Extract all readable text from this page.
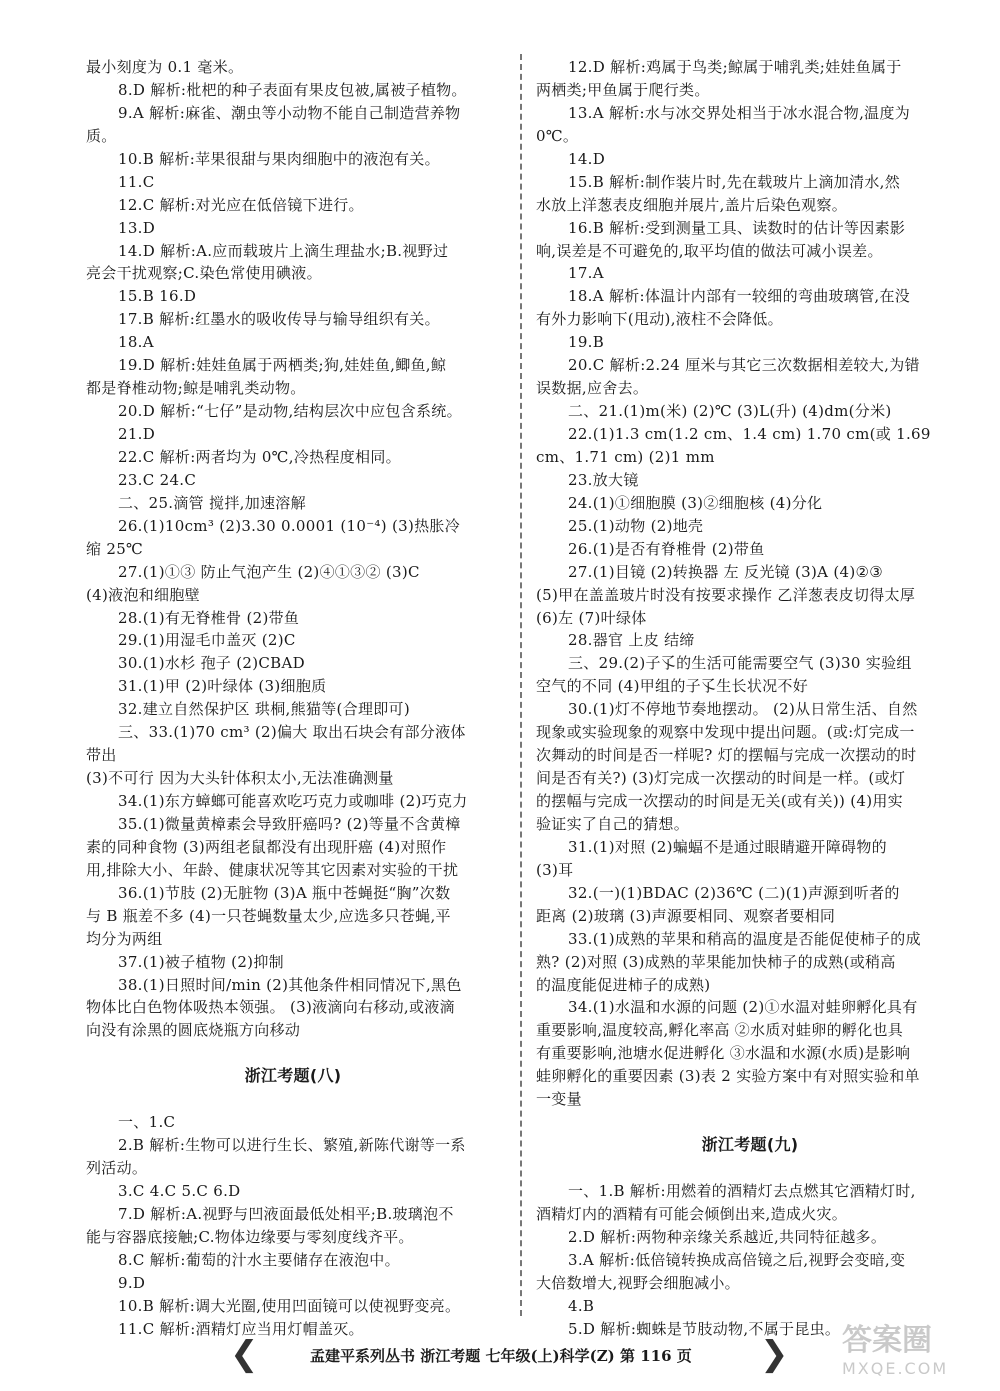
最小刻度为 0.1 毫米。
8.D 解析:枇杷的种子表面有果皮包被,属被子植物。
9.A 解析:麻雀、潮虫等小动物不能自己制造营养物
质。
10.B 解析:苹果很甜与果肉细胞中的液泡有关。
11.C
12.C 解析:对光应在低倍镜下进行。
13.D
14.D 解析:A.应而载玻片上滴生理盐水;B.视野过
亮会干扰观察;C.染色常使用碘液。
15.B 16.D
17.B 解析:红墨水的吸收传导与输导组织有关。
18.A
19.D 解析:娃娃鱼属于两栖类;狗,娃娃鱼,鲫鱼,鲸
都是脊椎动物;鲸是哺乳类动物。
20.D 解析:“七仔”是动物,结构层次中应包含系统。
21.D
22.C 解析:两者均为 0℃,冷热程度相同。
23.C 24.C
二、25.滴管 搅拌,加速溶解
26.(1)10cm³ (2)3.30 0.0001 (10⁻⁴) (3)热胀冷
缩 25℃
27.(1)①③ 防止气泡产生 (2)④①③② (3)C
(4)液泡和细胞壁
28.(1)有无脊椎骨 (2)带鱼
29.(1)用湿毛巾盖灭 (2)C
30.(1)水杉 孢子 (2)CBAD
31.(1)甲 (2)叶绿体 (3)细胞质
32.建立自然保护区 珙桐,熊猫等(合理即可)
三、33.(1)70 cm³ (2)偏大 取出石块会有部分液体
带出
(3)不可行 因为大头针体积太小,无法准确测量
34.(1)东方蟑螂可能喜欢吃巧克力或咖啡 (2)巧克力
35.(1)微量黄樟素会导致肝癌吗? (2)等量不含黄樟
素的同种食物 (3)两组老鼠都没有出现肝癌 (4)对照作
用,排除大小、年龄、健康状况等其它因素对实验的干扰
36.(1)节肢 (2)无脏物 (3)A 瓶中苍蝇挺“胸”次数
与 B 瓶差不多 (4)一只苍蝇数量太少,应选多只苍蝇,平
均分为两组
37.(1)被子植物 (2)抑制
38.(1)日照时间/min (2)其他条件相同情况下,黑色
物体比白色物体吸热本领强。 (3)液滴向右移动,或液滴
向没有涂黑的圆底烧瓶方向移动
浙江考题(八)
一、1.C
2.B 解析:生物可以进行生长、繁殖,新陈代谢等一系
列活动。
3.C 4.C 5.C 6.D
7.D 解析:A.视野与凹液面最低处相平;B.玻璃泡不
能与容器底接触;C.物体边缘要与零刻度线齐平。
8.C 解析:葡萄的汁水主要储存在液泡中。
9.D
10.B 解析:调大光圈,使用凹面镜可以使视野变亮。
11.C 解析:酒精灯应当用灯帽盖灭。
12.D 解析:鸡属于鸟类;鲸属于哺乳类;娃娃鱼属于
两栖类;甲鱼属于爬行类。
13.A 解析:水与冰交界处相当于冰水混合物,温度为
0℃。
14.D
15.B 解析:制作装片时,先在载玻片上滴加清水,然
水放上洋葱表皮细胞并展片,盖片后染色观察。
16.B 解析:受到测量工具、读数时的估计等因素影
响,误差是不可避免的,取平均值的做法可减小误差。
17.A
18.A 解析:体温计内部有一较细的弯曲玻璃管,在没
有外力影响下(甩动),液柱不会降低。
19.B
20.C 解析:2.24 厘米与其它三次数据相差较大,为错
误数据,应舍去。
二、21.(1)m(米) (2)℃ (3)L(升) (4)dm(分米)
22.(1)1.3 cm(1.2 cm、1.4 cm) 1.70 cm(或 1.69
cm、1.71 cm) (2)1 mm
23.放大镜
24.(1)①细胞膜 (3)②细胞核 (4)分化
25.(1)动物 (2)地壳
26.(1)是否有脊椎骨 (2)带鱼
27.(1)目镜 (2)转换器 左 反光镜 (3)A (4)②③
(5)甲在盖盖玻片时没有按要求操作 乙洋葱表皮切得太厚
(6)左 (7)叶绿体
28.器官 上皮 结缔
三、29.(2)子孓的生活可能需要空气 (3)30 实验组
空气的不同 (4)甲组的子孓生长状况不好
30.(1)灯不停地节奏地摆动。 (2)从日常生活、自然
现象或实验现象的观察中发现中提出问题。(或:灯完成一
次舞动的时间是否一样呢? 灯的摆幅与完成一次摆动的时
间是否有关?) (3)灯完成一次摆动的时间是一样。(或灯
的摆幅与完成一次摆动的时间是无关(或有关)) (4)用实
验证实了自己的猜想。
31.(1)对照 (2)蝙蝠不是通过眼睛避开障碍物的
(3)耳
32.(一)(1)BDAC (2)36℃ (二)(1)声源到听者的
距离 (2)玻璃 (3)声源要相同、观察者要相同
33.(1)成熟的苹果和稍高的温度是否能促使柿子的成
熟? (2)对照 (3)成熟的苹果能加快柿子的成熟(或稍高
的温度能促进柿子的成熟)
34.(1)水温和水源的问题 (2)①水温对蛙卵孵化具有
重要影响,温度较高,孵化率高 ②水质对蛙卵的孵化也具
有重要影响,池塘水促进孵化 ③水温和水源(水质)是影响
蛙卵孵化的重要因素 (3)表 2 实验方案中有对照实验和单
一变量
浙江考题(九)
一、1.B 解析:用燃着的酒精灯去点燃其它酒精灯时,
酒精灯内的酒精有可能会倾倒出来,造成火灾。
2.D 解析:两物种亲缘关系越近,共同特征越多。
3.A 解析:低倍镜转换成高倍镜之后,视野会变暗,变
大倍数增大,视野会细胞减小。
4.B
5.D 解析:蜘蛛是节肢动物,不属于昆虫。
❮	孟建平系列丛书 浙江考题 七年级(上)科学(Z) 第 116 页 ❯ 答案圈
MXQE.COM
